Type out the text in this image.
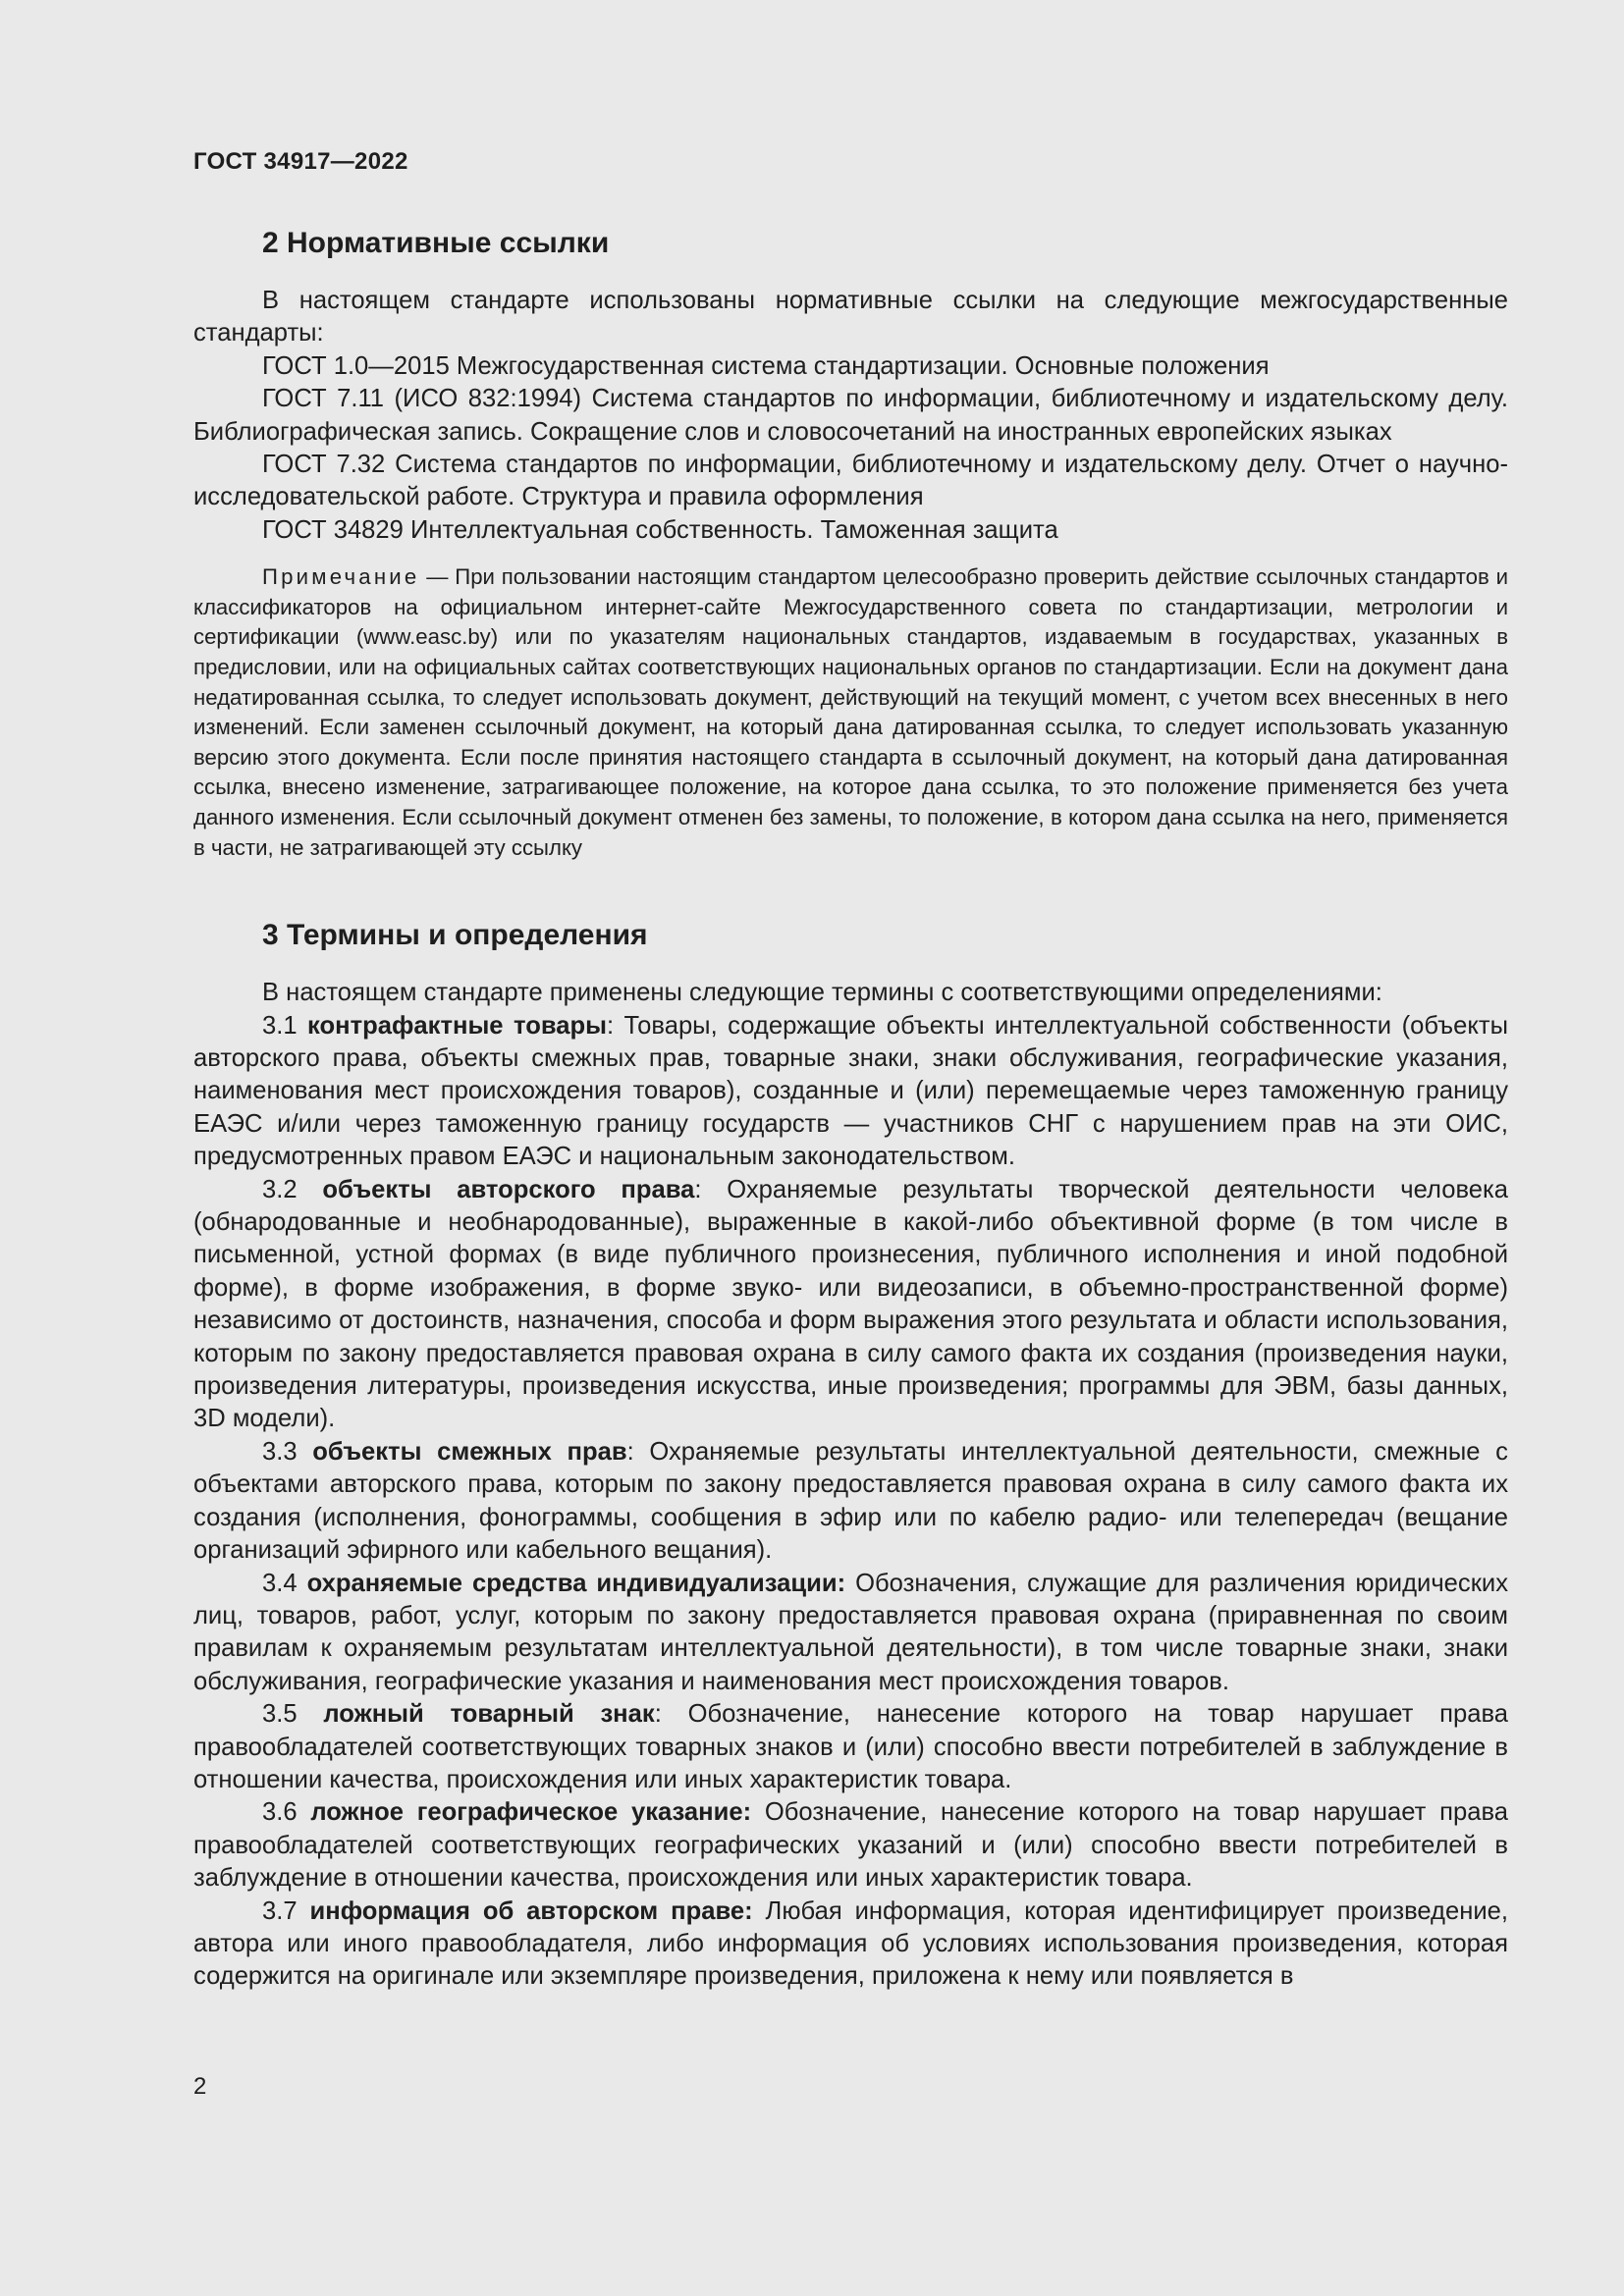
ГОСТ 34917—2022
2 Нормативные ссылки

В настоящем стандарте использованы нормативные ссылки на следующие межгосударственные стандарты:

ГОСТ 1.0—2015 Межгосударственная система стандартизации. Основные положения

ГОСТ 7.11 (ИСО 832:1994) Система стандартов по информации, библиотечному и издательскому делу. Библиографическая запись. Сокращение слов и словосочетаний на иностранных европейских языках

ГОСТ 7.32 Система стандартов по информации, библиотечному и издательскому делу. Отчет о научно-исследовательской работе. Структура и правила оформления

ГОСТ 34829 Интеллектуальная собственность. Таможенная защита

Примечание — При пользовании настоящим стандартом целесообразно проверить действие ссылочных стандартов и классификаторов на официальном интернет-сайте Межгосударственного совета по стандартизации, метрологии и сертификации (www.easc.by) или по указателям национальных стандартов, издаваемым в государствах, указанных в предисловии, или на официальных сайтах соответствующих национальных органов по стандартизации. Если на документ дана недатированная ссылка, то следует использовать документ, действующий на текущий момент, с учетом всех внесенных в него изменений. Если заменен ссылочный документ, на который дана датированная ссылка, то следует использовать указанную версию этого документа. Если после принятия настоящего стандарта в ссылочный документ, на который дана датированная ссылка, внесено изменение, затрагивающее положение, на которое дана ссылка, то это положение применяется без учета данного изменения. Если ссылочный документ отменен без замены, то положение, в котором дана ссылка на него, применяется в части, не затрагивающей эту ссылку

3 Термины и определения

В настоящем стандарте применены следующие термины с соответствующими определениями:

3.1 контрафактные товары: Товары, содержащие объекты интеллектуальной собственности (объекты авторского права, объекты смежных прав, товарные знаки, знаки обслуживания, географические указания, наименования мест происхождения товаров), созданные и (или) перемещаемые через таможенную границу ЕАЭС и/или через таможенную границу государств — участников СНГ с нарушением прав на эти ОИС, предусмотренных правом ЕАЭС и национальным законодательством.

3.2 объекты авторского права: Охраняемые результаты творческой деятельности человека (обнародованные и необнародованные), выраженные в какой-либо объективной форме (в том числе в письменной, устной формах (в виде публичного произнесения, публичного исполнения и иной подобной форме), в форме изображения, в форме звуко- или видеозаписи, в объемно-пространственной форме) независимо от достоинств, назначения, способа и форм выражения этого результата и области использования, которым по закону предоставляется правовая охрана в силу самого факта их создания (произведения науки, произведения литературы, произведения искусства, иные произведения; программы для ЭВМ, базы данных, 3D модели).

3.3 объекты смежных прав: Охраняемые результаты интеллектуальной деятельности, смежные с объектами авторского права, которым по закону предоставляется правовая охрана в силу самого факта их создания (исполнения, фонограммы, сообщения в эфир или по кабелю радио- или телепередач (вещание организаций эфирного или кабельного вещания).

3.4 охраняемые средства индивидуализации: Обозначения, служащие для различения юридических лиц, товаров, работ, услуг, которым по закону предоставляется правовая охрана (приравненная по своим правилам к охраняемым результатам интеллектуальной деятельности), в том числе товарные знаки, знаки обслуживания, географические указания и наименования мест происхождения товаров.

3.5 ложный товарный знак: Обозначение, нанесение которого на товар нарушает права правообладателей соответствующих товарных знаков и (или) способно ввести потребителей в заблуждение в отношении качества, происхождения или иных характеристик товара.

3.6 ложное географическое указание: Обозначение, нанесение которого на товар нарушает права правообладателей соответствующих географических указаний и (или) способно ввести потребителей в заблуждение в отношении качества, происхождения или иных характеристик товара.

3.7 информация об авторском праве: Любая информация, которая идентифицирует произведение, автора или иного правообладателя, либо информация об условиях использования произведения, которая содержится на оригинале или экземпляре произведения, приложена к нему или появляется в

2
